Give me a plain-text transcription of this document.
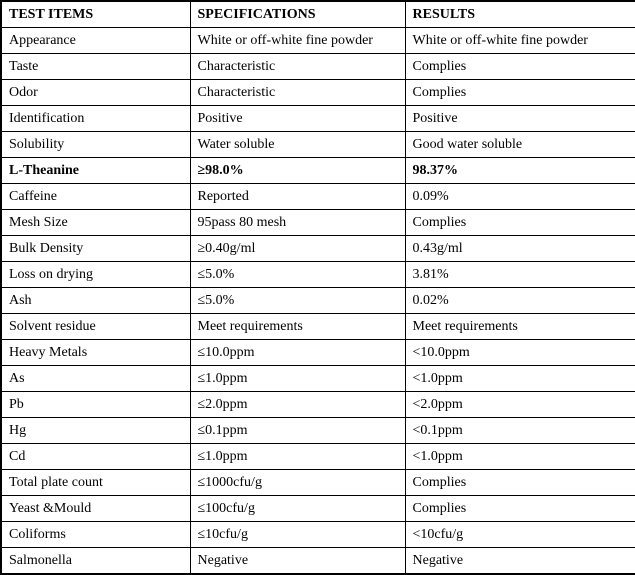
TEST ITEMS	SPECIFICATIONS	RESULTS
Appearance	White or off-white fine powder	White or off-white fine powder
Taste	Characteristic	Complies
Odor	Characteristic	Complies
Identification	Positive	Positive
Solubility	Water soluble	Good water soluble
L-Theanine	≥98.0%	98.37%
Caffeine	Reported	0.09%
Mesh Size	95pass 80 mesh	Complies
Bulk Density	≥0.40g/ml	0.43g/ml
Loss on drying	≤5.0%	3.81%
Ash	≤5.0%	0.02%
Solvent residue	Meet requirements	Meet requirements
Heavy Metals	≤10.0ppm	<10.0ppm
As	≤1.0ppm	<1.0ppm
Pb	≤2.0ppm	<2.0ppm
Hg	≤0.1ppm	<0.1ppm
Cd	≤1.0ppm	<1.0ppm
Total plate count	≤1000cfu/g	Complies
Yeast &Mould	≤100cfu/g	Complies
Coliforms	≤10cfu/g	<10cfu/g
Salmonella	Negative	Negative
